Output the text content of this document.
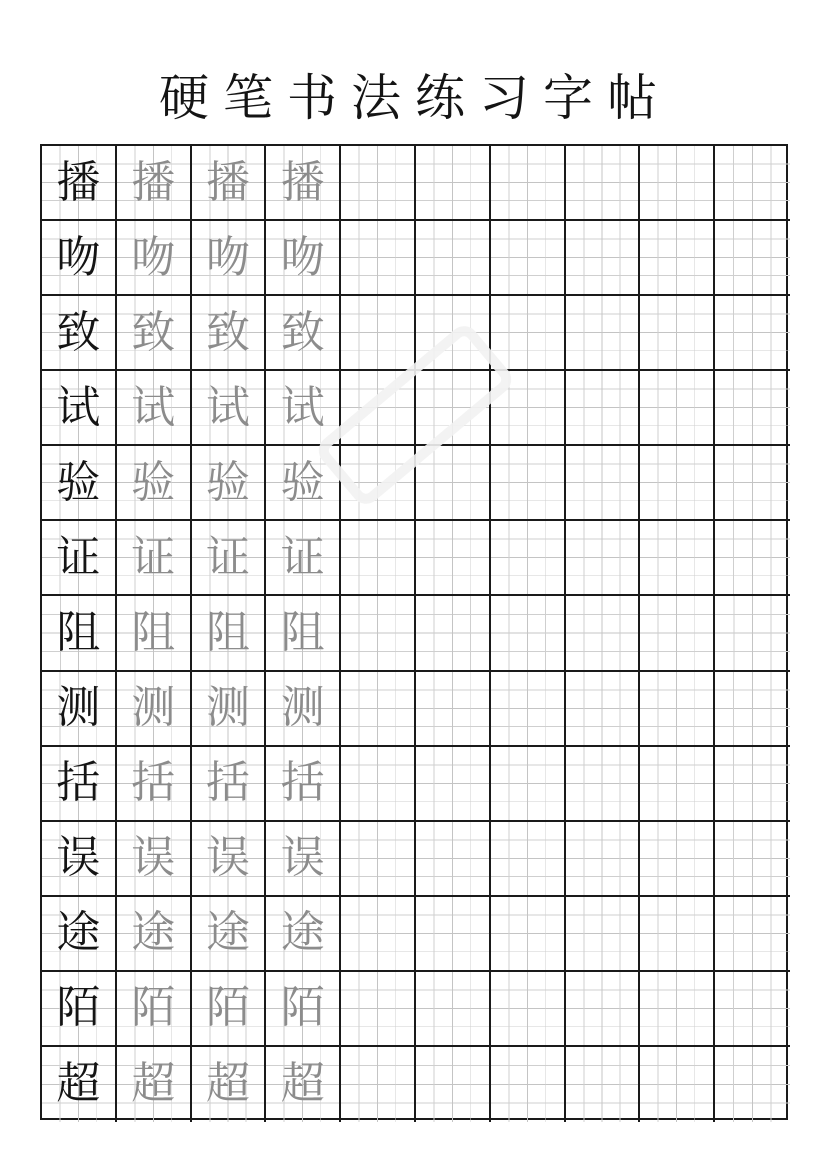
硬笔书法练习字帖
播 播 播 播
吻 吻 吻 吻
致 致 致 致
试 试 试 试
验 验 验 验
证 证 证 证
阻 阻 阻 阻
测 测 测 测
括 括 括 括
误 误 误 误
途 途 途 途
陌 陌 陌 陌
超 超 超 超
